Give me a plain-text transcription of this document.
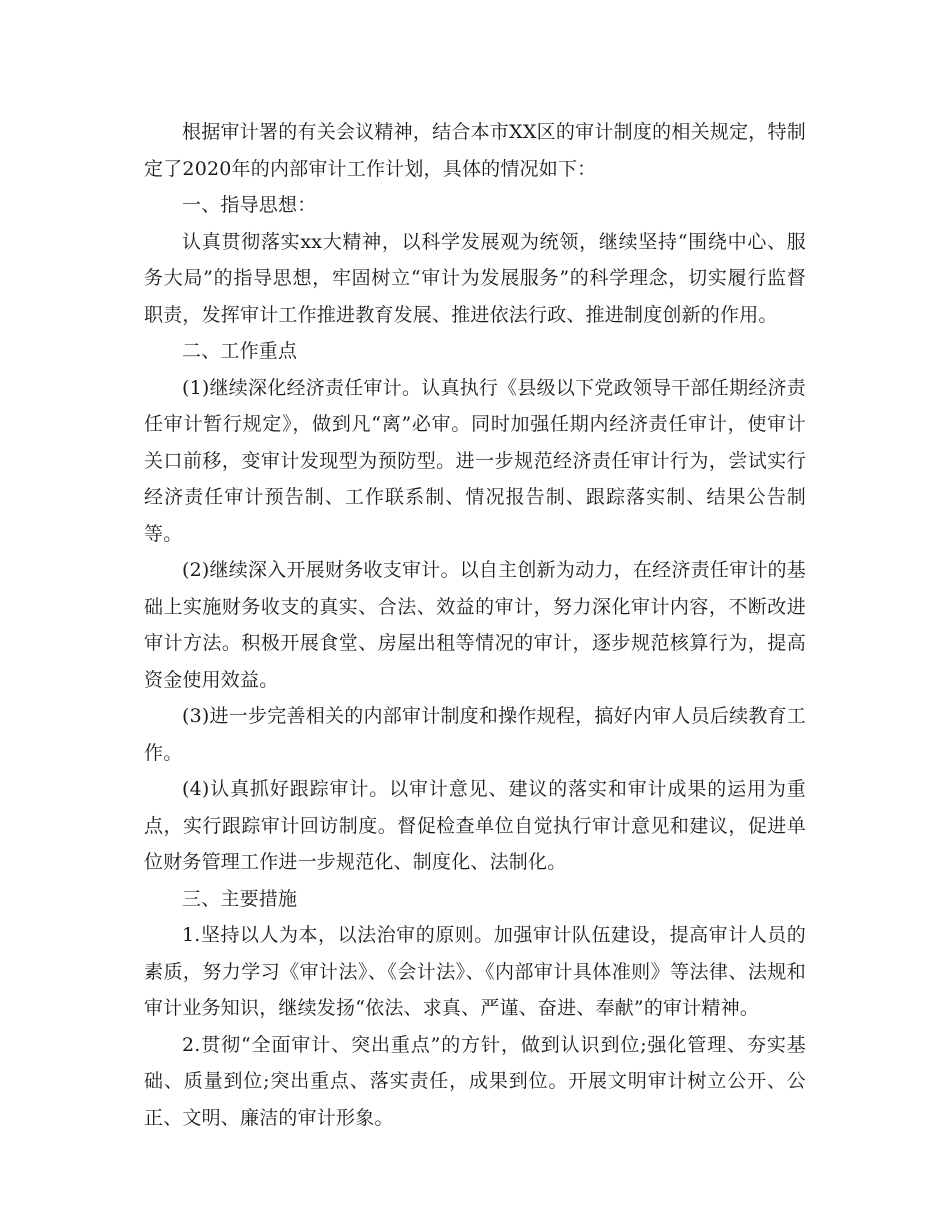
根据审计署的有关会议精神，结合本市XX区的审计制度的相关规定，特制定了2020年的内部审计工作计划，具体的情况如下：

一、指导思想：

认真贯彻落实xx大精神，以科学发展观为统领，继续坚持“围绕中心、服务大局”的指导思想，牢固树立“审计为发展服务”的科学理念，切实履行监督职责，发挥审计工作推进教育发展、推进依法行政、推进制度创新的作用。

二、工作重点

(1)继续深化经济责任审计。认真执行《县级以下党政领导干部任期经济责任审计暂行规定》，做到凡“离”必审。同时加强任期内经济责任审计，使审计关口前移，变审计发现型为预防型。进一步规范经济责任审计行为，尝试实行经济责任审计预告制、工作联系制、情况报告制、跟踪落实制、结果公告制等。

(2)继续深入开展财务收支审计。以自主创新为动力，在经济责任审计的基础上实施财务收支的真实、合法、效益的审计，努力深化审计内容，不断改进审计方法。积极开展食堂、房屋出租等情况的审计，逐步规范核算行为，提高资金使用效益。

(3)进一步完善相关的内部审计制度和操作规程，搞好内审人员后续教育工作。

(4)认真抓好跟踪审计。以审计意见、建议的落实和审计成果的运用为重点，实行跟踪审计回访制度。督促检查单位自觉执行审计意见和建议，促进单位财务管理工作进一步规范化、制度化、法制化。

三、主要措施

1.坚持以人为本，以法治审的原则。加强审计队伍建设，提高审计人员的素质，努力学习《审计法》、《会计法》、《内部审计具体准则》等法律、法规和审计业务知识，继续发扬“依法、求真、严谨、奋进、奉献”的审计精神。

2.贯彻“全面审计、突出重点”的方针，做到认识到位;强化管理、夯实基础、质量到位;突出重点、落实责任，成果到位。开展文明审计树立公开、公正、文明、廉洁的审计形象。
